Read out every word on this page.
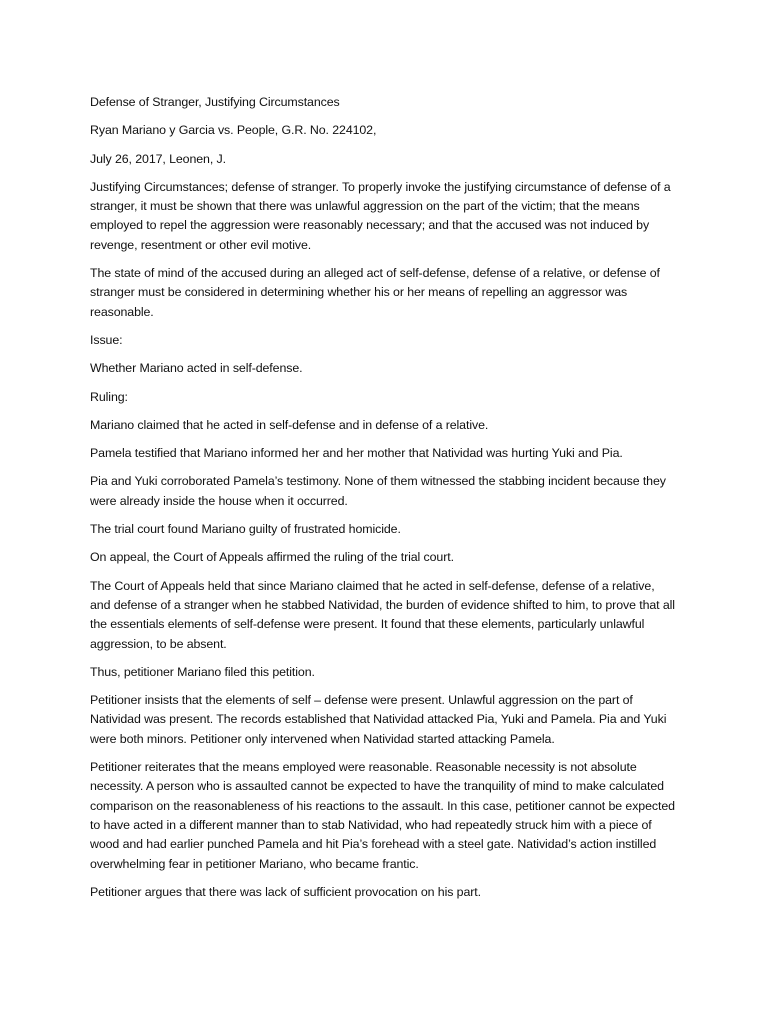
Defense of Stranger, Justifying Circumstances

Ryan Mariano y Garcia vs. People, G.R. No. 224102,

July 26, 2017, Leonen, J.

Justifying Circumstances; defense of stranger. To properly invoke the justifying circumstance of defense of a stranger, it must be shown that there was unlawful aggression on the part of the victim; that the means employed to repel the aggression were reasonably necessary; and that the accused was not induced by revenge, resentment or other evil motive.

The state of mind of the accused during an alleged act of self-defense, defense of a relative, or defense of stranger must be considered in determining whether his or her means of repelling an aggressor was reasonable.

Issue:

Whether Mariano acted in self-defense.

Ruling:

Mariano claimed that he acted in self-defense and in defense of a relative.

Pamela testified that Mariano informed her and her mother that Natividad was hurting Yuki and Pia.

Pia and Yuki corroborated Pamela’s testimony. None of them witnessed the stabbing incident because they were already inside the house when it occurred.

The trial court found Mariano guilty of frustrated homicide.

On appeal, the Court of Appeals affirmed the ruling of the trial court.

The Court of Appeals held that since Mariano claimed that he acted in self-defense, defense of a relative, and defense of a stranger when he stabbed Natividad, the burden of evidence shifted to him, to prove that all the essentials elements of self-defense were present. It found that these elements, particularly unlawful aggression, to be absent.

Thus, petitioner Mariano filed this petition.

Petitioner insists that the elements of self – defense were present. Unlawful aggression on the part of Natividad was present. The records established that Natividad attacked Pia, Yuki and Pamela. Pia and Yuki were both minors. Petitioner only intervened when Natividad started attacking Pamela.

Petitioner reiterates that the means employed were reasonable. Reasonable necessity is not absolute necessity. A person who is assaulted cannot be expected to have the tranquility of mind to make calculated comparison on the reasonableness of his reactions to the assault. In this case, petitioner cannot be expected to have acted in a different manner than to stab Natividad, who had repeatedly struck him with a piece of wood and had earlier punched Pamela and hit Pia’s forehead with a steel gate. Natividad’s action instilled overwhelming fear in petitioner Mariano, who became frantic.

Petitioner argues that there was lack of sufficient provocation on his part.
